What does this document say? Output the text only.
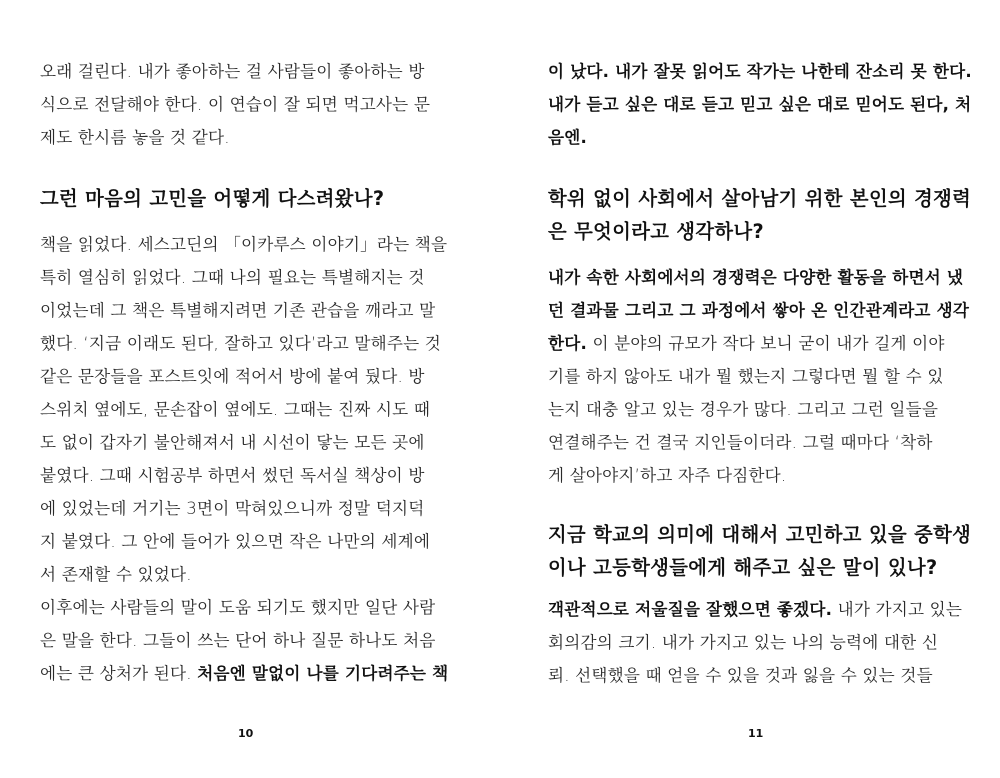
오래 걸린다. 내가 좋아하는 걸 사람들이 좋아하는 방
식으로 전달해야 한다. 이 연습이 잘 되면 먹고사는 문
제도 한시름 놓을 것 같다.
그런 마음의 고민을 어떻게 다스려왔나?
책을 읽었다. 세스고딘의 「이카루스 이야기」라는 책을
특히 열심히 읽었다. 그때 나의 필요는 특별해지는 것
이었는데 그 책은 특별해지려면 기존 관습을 깨라고 말
했다. ‘지금 이래도 된다, 잘하고 있다’라고 말해주는 것
같은 문장들을 포스트잇에 적어서 방에 붙여 뒀다. 방
스위치 옆에도, 문손잡이 옆에도. 그때는 진짜 시도 때
도 없이 갑자기 불안해져서 내 시선이 닿는 모든 곳에
붙였다. 그때 시험공부 하면서 썼던 독서실 책상이 방
에 있었는데 거기는 3면이 막혀있으니까 정말 덕지덕
지 붙였다. 그 안에 들어가 있으면 작은 나만의 세계에
서 존재할 수 있었다.
이후에는 사람들의 말이 도움 되기도 했지만 일단 사람
은 말을 한다. 그들이 쓰는 단어 하나 질문 하나도 처음
에는 큰 상처가 된다. 처음엔 말없이 나를 기다려주는 책
10
이 났다. 내가 잘못 읽어도 작가는 나한테 잔소리 못 한다.
내가 듣고 싶은 대로 듣고 믿고 싶은 대로 믿어도 된다, 처
음엔.
학위 없이 사회에서 살아남기 위한 본인의 경쟁력
은 무엇이라고 생각하나?
내가 속한 사회에서의 경쟁력은 다양한 활동을 하면서 냈
던 결과물 그리고 그 과정에서 쌓아 온 인간관계라고 생각
한다. 이 분야의 규모가 작다 보니 굳이 내가 길게 이야
기를 하지 않아도 내가 뭘 했는지 그렇다면 뭘 할 수 있
는지 대충 알고 있는 경우가 많다. 그리고 그런 일들을
연결해주는 건 결국 지인들이더라. 그럴 때마다 ‘착하
게 살아야지’하고 자주 다짐한다.
지금 학교의 의미에 대해서 고민하고 있을 중학생
이나 고등학생들에게 해주고 싶은 말이 있나?
객관적으로 저울질을 잘했으면 좋겠다. 내가 가지고 있는
회의감의 크기. 내가 가지고 있는 나의 능력에 대한 신
뢰. 선택했을 때 얻을 수 있을 것과 잃을 수 있는 것들
11
